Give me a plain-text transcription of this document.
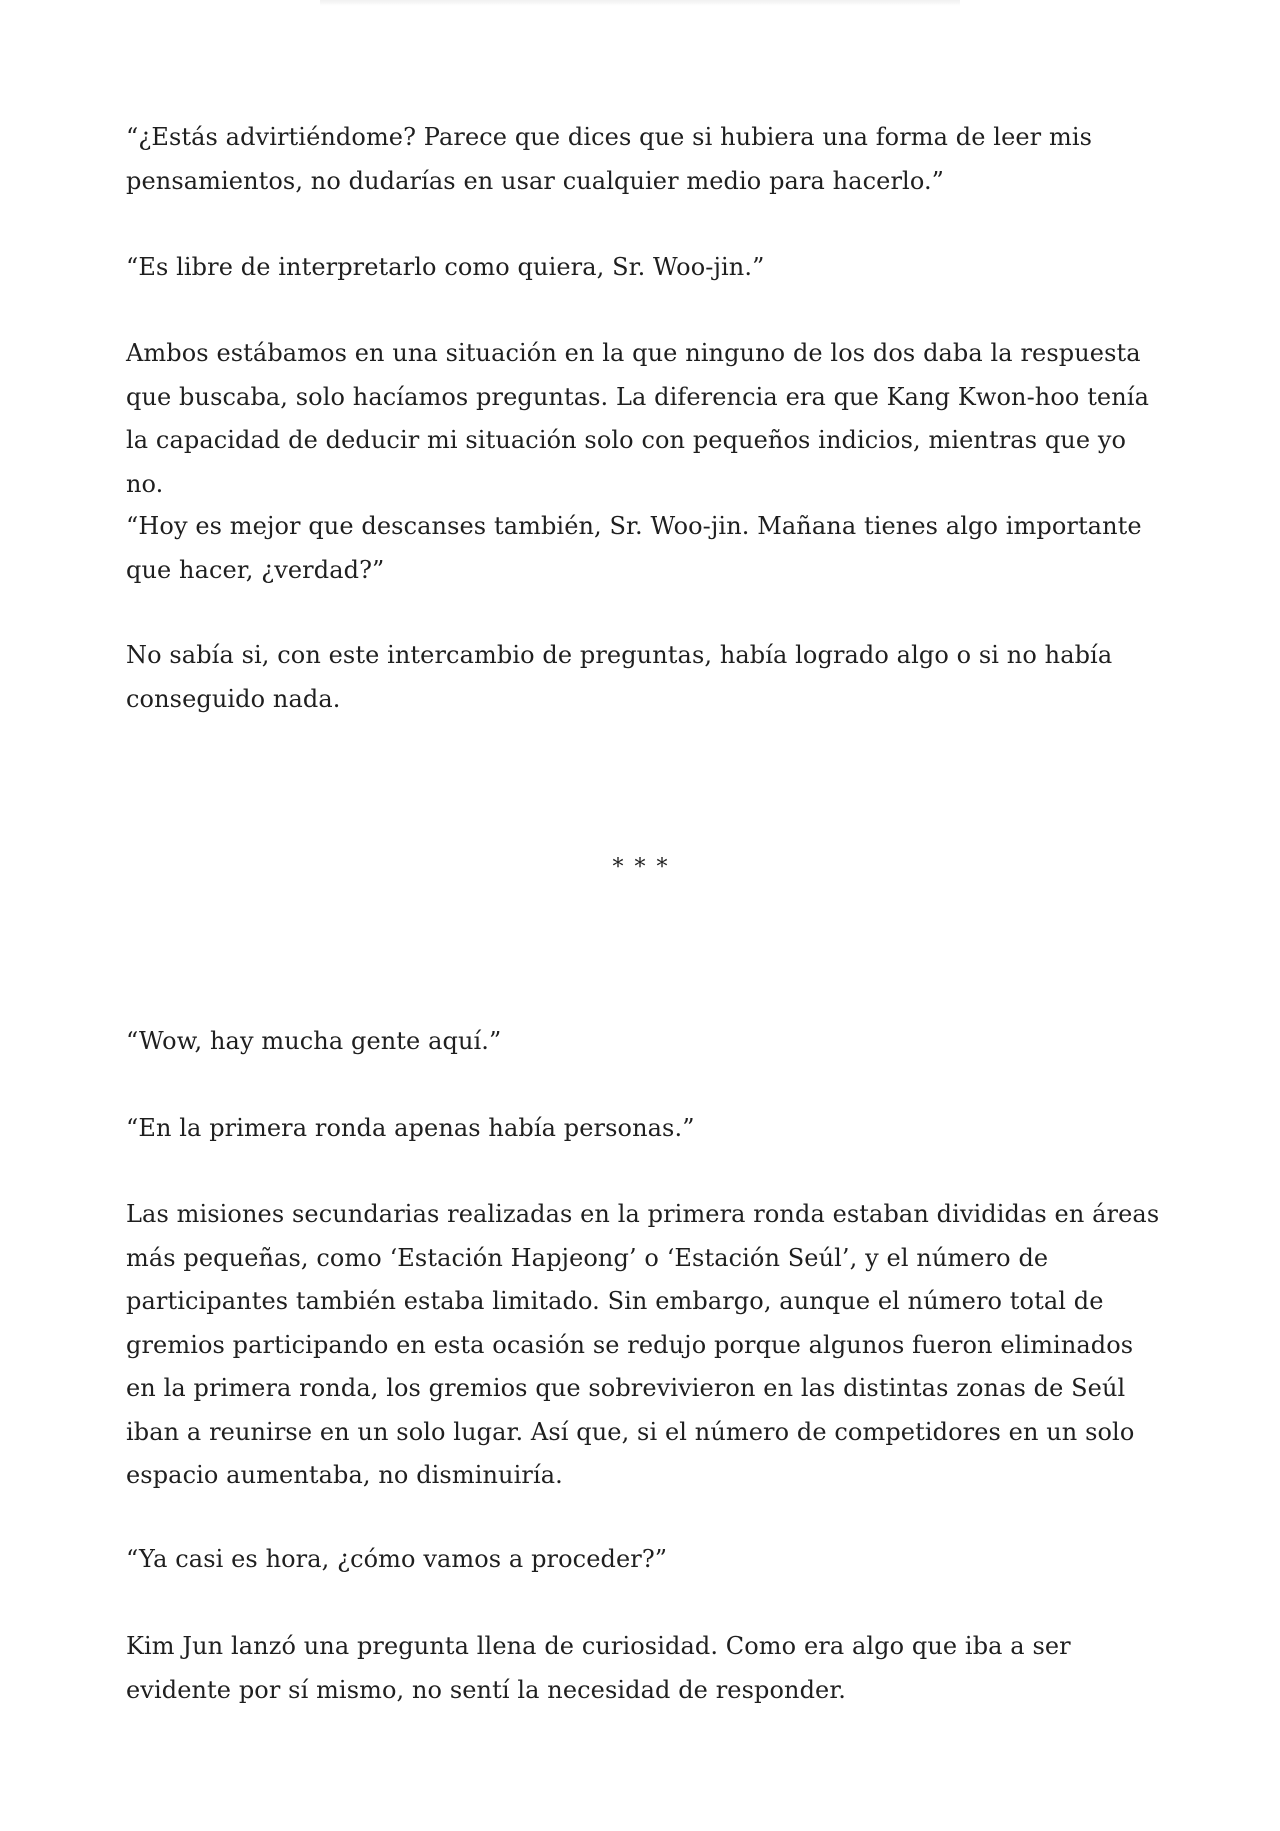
“¿Estás advirtiéndome? Parece que dices que si hubiera una forma de leer mis pensamientos, no dudarías en usar cualquier medio para hacerlo.”

“Es libre de interpretarlo como quiera, Sr. Woo-jin.”

Ambos estábamos en una situación en la que ninguno de los dos daba la respuesta que buscaba, solo hacíamos preguntas. La diferencia era que Kang Kwon-hoo tenía la capacidad de deducir mi situación solo con pequeños indicios, mientras que yo no.

“Hoy es mejor que descanses también, Sr. Woo-jin. Mañana tienes algo importante que hacer, ¿verdad?”

No sabía si, con este intercambio de preguntas, había logrado algo o si no había conseguido nada.

* * *

“Wow, hay mucha gente aquí.”

“En la primera ronda apenas había personas.”

Las misiones secundarias realizadas en la primera ronda estaban divididas en áreas más pequeñas, como ‘Estación Hapjeong’ o ‘Estación Seúl’, y el número de participantes también estaba limitado. Sin embargo, aunque el número total de gremios participando en esta ocasión se redujo porque algunos fueron eliminados en la primera ronda, los gremios que sobrevivieron en las distintas zonas de Seúl iban a reunirse en un solo lugar. Así que, si el número de competidores en un solo espacio aumentaba, no disminuiría.

“Ya casi es hora, ¿cómo vamos a proceder?”

Kim Jun lanzó una pregunta llena de curiosidad. Como era algo que iba a ser evidente por sí mismo, no sentí la necesidad de responder.
